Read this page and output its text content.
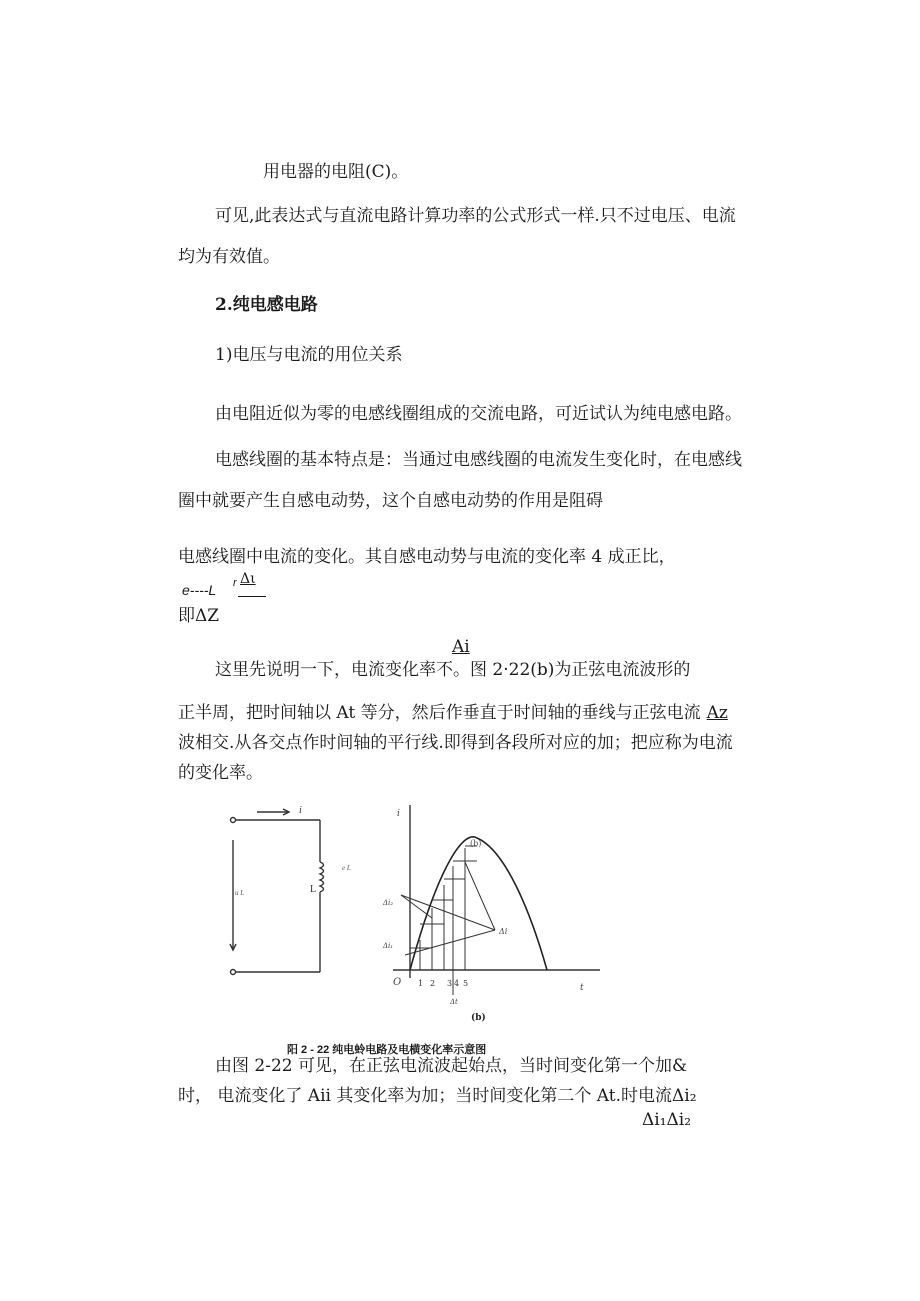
用电器的电阻(C)。
可见,此表达式与直流电路计算功率的公式形式一样.只不过电压、电流
均为有效值。
2.纯电感电路
1)电压与电流的用位关系
由电阻近似为零的电感线圈组成的交流电路，可近试认为纯电感电路。
电感线圈的基本特点是：当通过电感线圈的电流发生变化时，在电感线
圈中就要产生自感电动势，这个自感电动势的作用是阻碍
电感线圈中电流的变化。其自感电动势与电流的变化率 4 成正比，
e----L r Δι
即ΔZ
Ai
这里先说明一下，电流变化率不。图 2·22(b)为正弦电流波形的
正半周，把时间轴以 At 等分，然后作垂直于时间轴的垂线与正弦电流 Az
波相交.从各交点作时间轴的平行线.即得到各段所对应的加；把应称为电流
的变化率。
i
L
u L
e L
i
t
O 1 2 3 4 5
Δt
Δi
Δi₂
Δi₁
(b)
(b)
阳 2 - 22 纯电蛉电路及电横变化率示意图
由图 2-22 可见，在正弦电流波起始点，当时间变化第一个加&
时， 电流变化了 Aii 其变化率为加；当时间变化第二个 At.时电流Δi₂
Δi₁Δi₂
